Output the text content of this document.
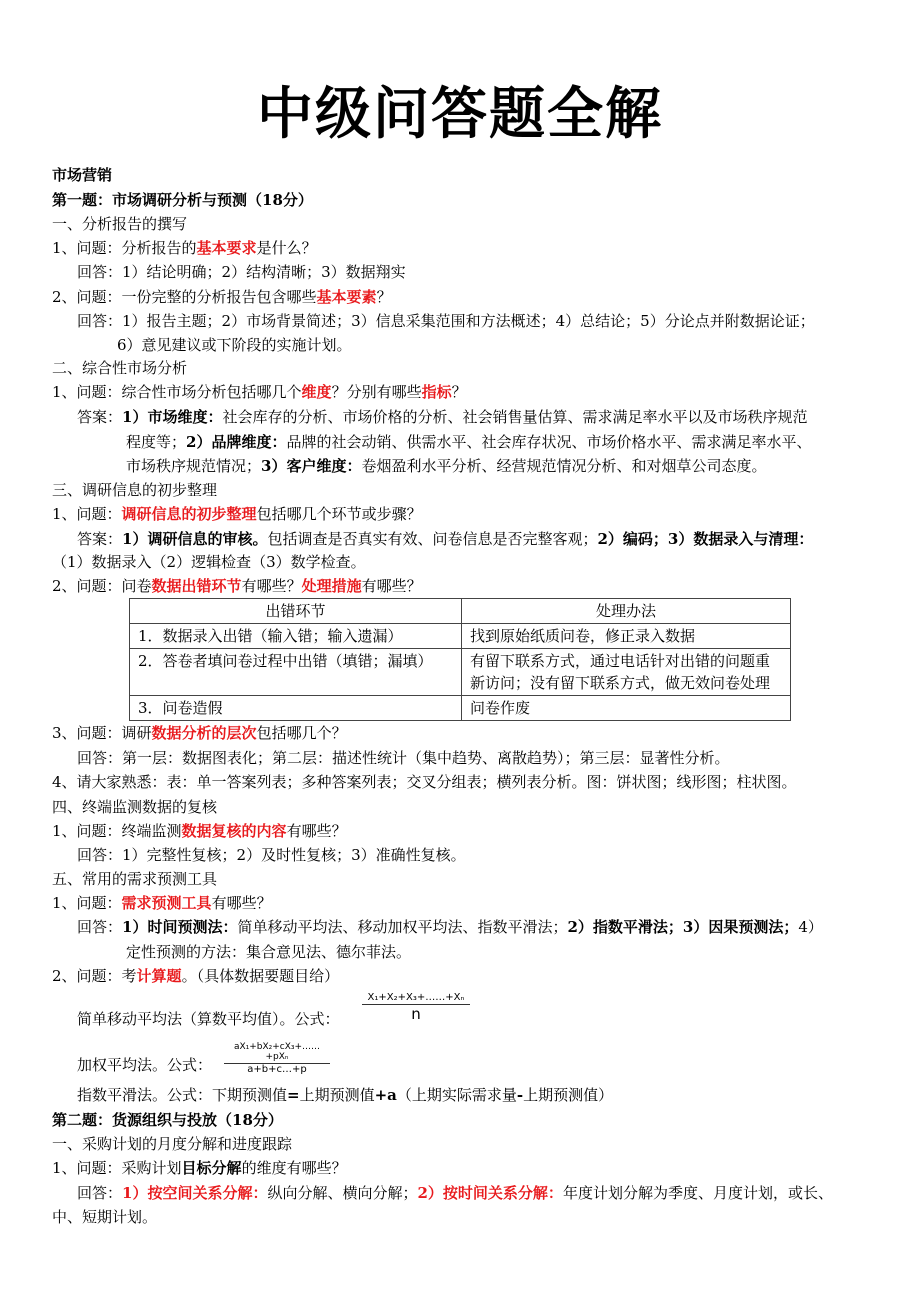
中级问答题全解
市场营销
第一题：市场调研分析与预测（18分）
一、分析报告的撰写
1、问题：分析报告的基本要求是什么？
回答：1）结论明确；2）结构清晰；3）数据翔实
2、问题：一份完整的分析报告包含哪些基本要素？
回答：1）报告主题；2）市场背景简述；3）信息采集范围和方法概述；4）总结论；5）分论点并附数据论证；
6）意见建议或下阶段的实施计划。
二、综合性市场分析
1、问题：综合性市场分析包括哪几个维度？分别有哪些指标？
答案：1）市场维度：社会库存的分析、市场价格的分析、社会销售量估算、需求满足率水平以及市场秩序规范
程度等；2）品牌维度：品牌的社会动销、供需水平、社会库存状况、市场价格水平、需求满足率水平、
市场秩序规范情况；3）客户维度：卷烟盈利水平分析、经营规范情况分析、和对烟草公司态度。
三、调研信息的初步整理
1、问题：调研信息的初步整理包括哪几个环节或步骤？
答案：1）调研信息的审核。包括调查是否真实有效、问卷信息是否完整客观；2）编码；3）数据录入与清理：
（1）数据录入（2）逻辑检查（3）数学检查。
2、问题：问卷数据出错环节有哪些？处理措施有哪些？
出错环节	处理办法
1．数据录入出错（输入错；输入遗漏）	找到原始纸质问卷，修正录入数据
2．答卷者填问卷过程中出错（填错；漏填）	有留下联系方式，通过电话针对出错的问题重新访问；没有留下联系方式，做无效问卷处理
3．问卷造假	问卷作废
3、问题：调研数据分析的层次包括哪几个？
回答：第一层：数据图表化；第二层：描述性统计（集中趋势、离散趋势）；第三层：显著性分析。
4、请大家熟悉：表：单一答案列表；多种答案列表；交叉分组表；横列表分析。图：饼状图；线形图；柱状图。
四、终端监测数据的复核
1、问题：终端监测数据复核的内容有哪些？
回答：1）完整性复核；2）及时性复核；3）准确性复核。
五、常用的需求预测工具
1、问题：需求预测工具有哪些？
回答：1）时间预测法：简单移动平均法、移动加权平均法、指数平滑法；2）指数平滑法；3）因果预测法；4）
定性预测的方法：集合意见法、德尔菲法。
2、问题：考计算题。（具体数据要题目给）
简单移动平均法（算数平均值）。公式：
X₁+X₂+X₃+……+Xₙ
n
加权平均法。公式：
aX₁+bX₂+cX₃+……+pXₙ
a+b+c…+p
指数平滑法。公式：下期预测值=上期预测值+a（上期实际需求量-上期预测值）
第二题：货源组织与投放（18分）
一、采购计划的月度分解和进度跟踪
1、问题：采购计划目标分解的维度有哪些？
回答：1）按空间关系分解：纵向分解、横向分解；2）按时间关系分解：年度计划分解为季度、月度计划，或长、
中、短期计划。
